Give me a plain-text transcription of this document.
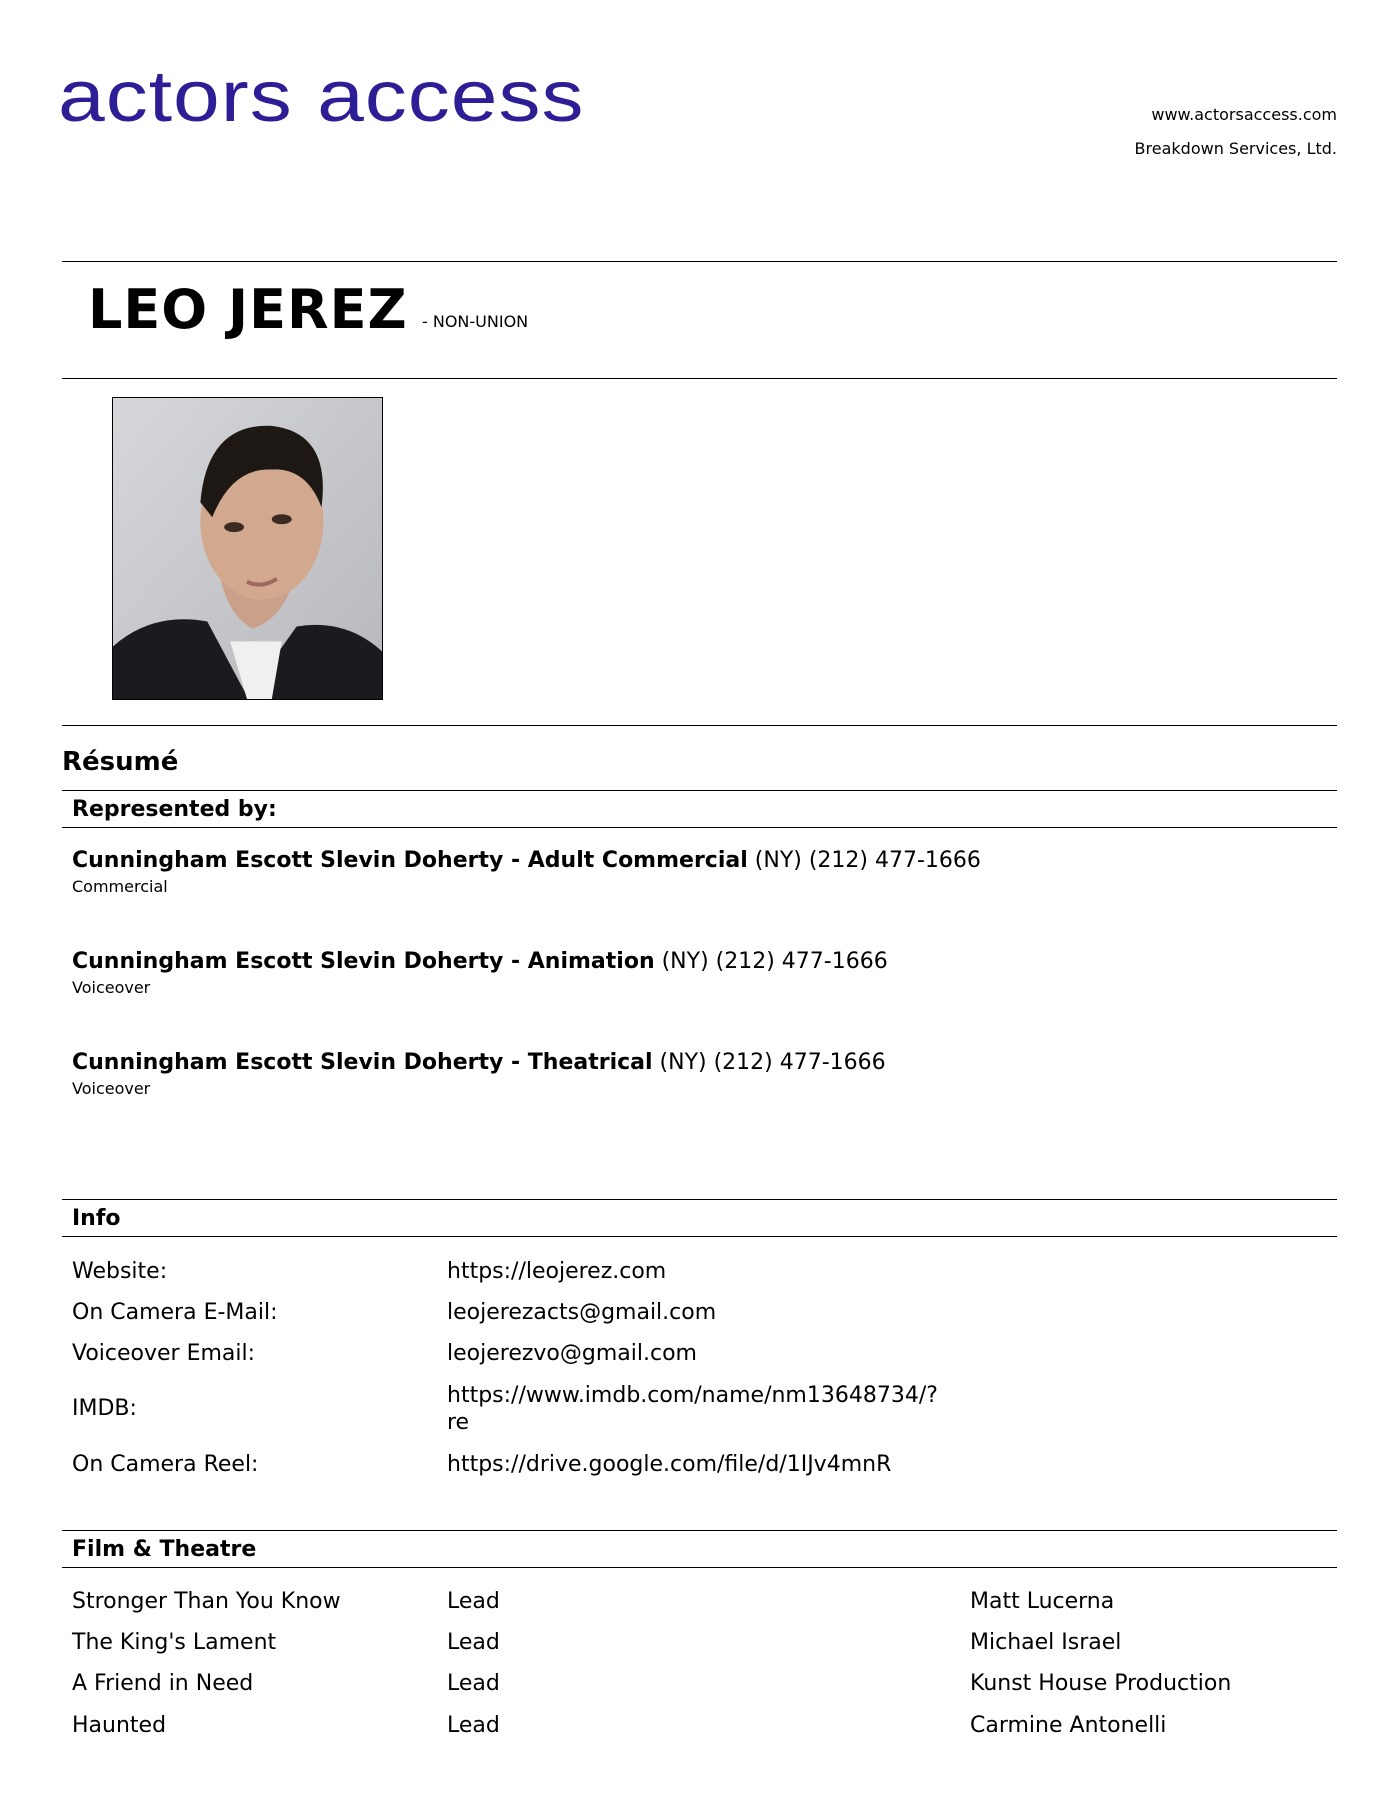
actors access	www.actorsaccess.com
Breakdown Services, Ltd.
LEO JEREZ - NON-UNION
Résumé
Represented by:
Cunningham Escott Slevin Doherty - Adult Commercial (NY) (212) 477-1666
Commercial
Cunningham Escott Slevin Doherty - Animation (NY) (212) 477-1666
Voiceover
Cunningham Escott Slevin Doherty - Theatrical (NY) (212) 477-1666
Voiceover
Info
Website:	https://leojerez.com
On Camera E-Mail:	leojerezacts@gmail.com
Voiceover Email:	leojerezvo@gmail.com
IMDB:
https://www.imdb.com/name/nm13648734/?
re
On Camera Reel:	https://drive.google.com/file/d/1IJv4mnR
Film & Theatre
Stronger Than You Know	Lead	Matt Lucerna
The King's Lament	Lead	Michael Israel
A Friend in Need	Lead	Kunst House Production
Haunted	Lead	Carmine Antonelli
